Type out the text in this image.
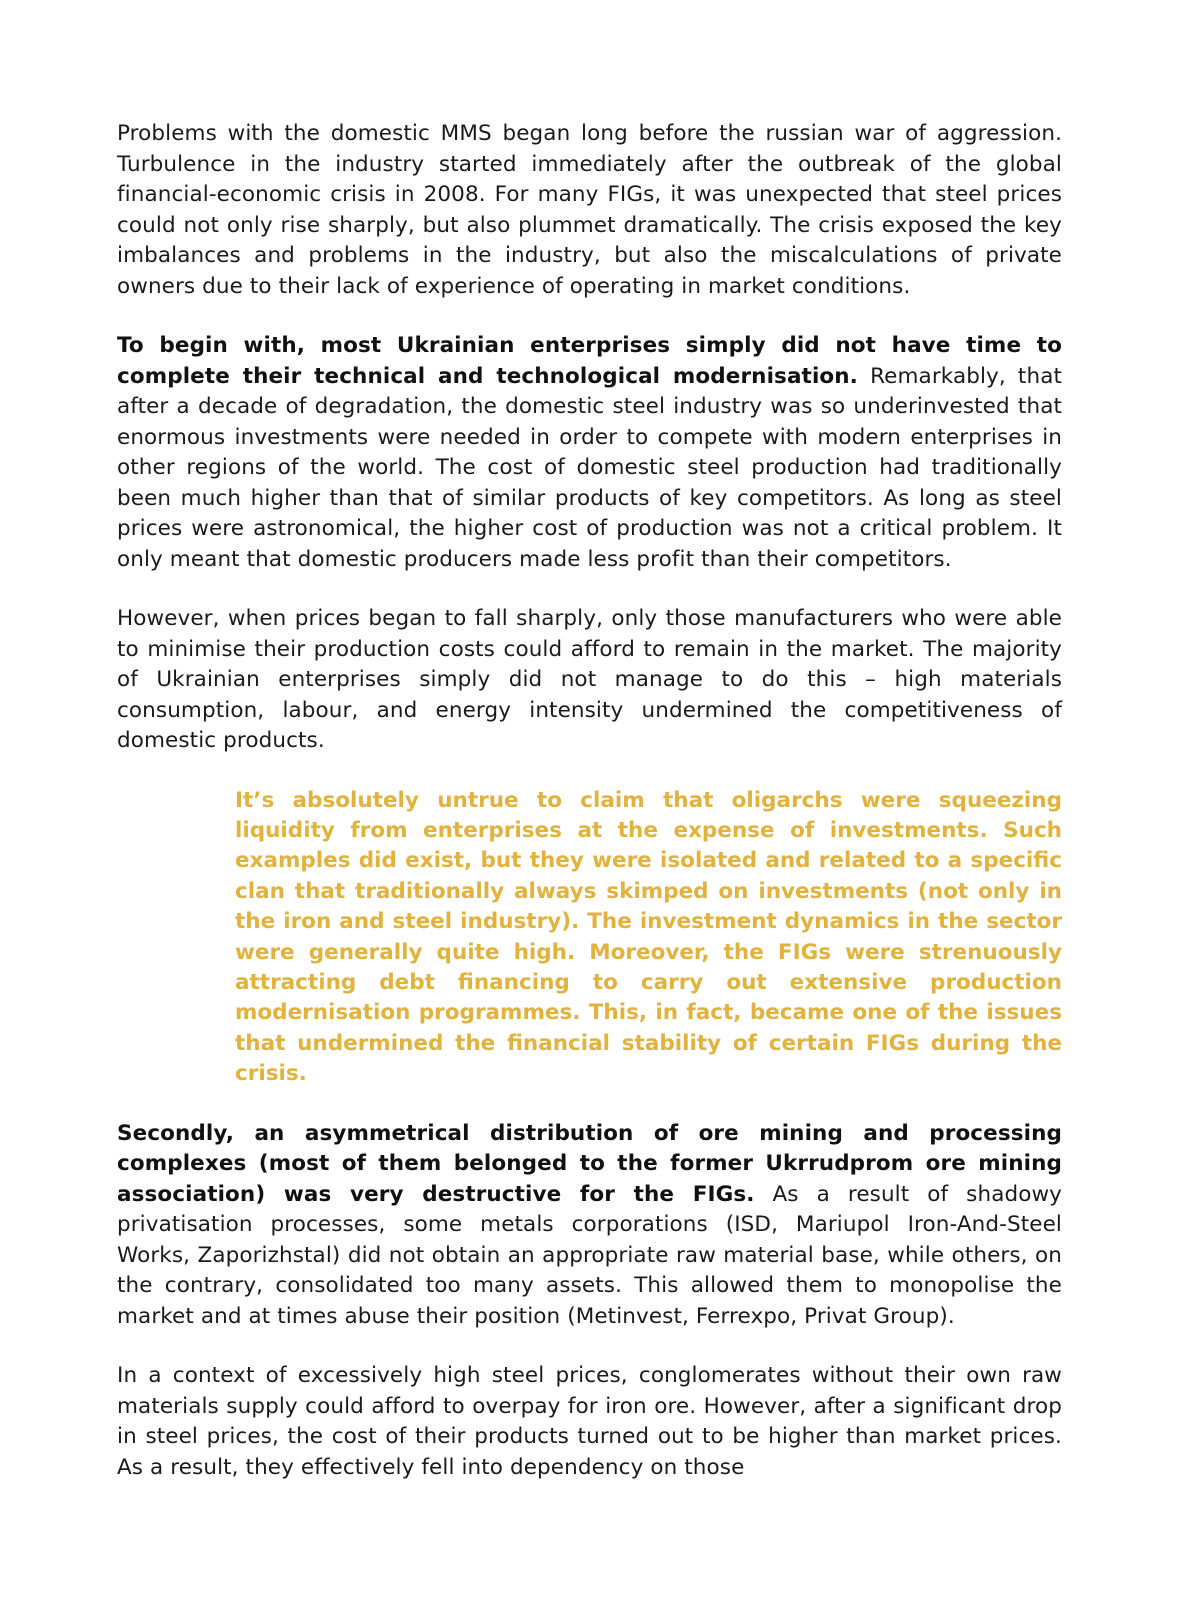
Problems with the domestic MMS began long before the russian war of aggression. Turbulence in the industry started immediately after the outbreak of the global financial-economic crisis in 2008. For many FIGs, it was unexpected that steel prices could not only rise sharply, but also plummet dramatically. The crisis exposed the key imbalances and problems in the industry, but also the miscalculations of private owners due to their lack of experience of operating in market conditions.

To begin with, most Ukrainian enterprises simply did not have time to complete their technical and technological modernisation. Remarkably, that after a decade of degradation, the domestic steel industry was so underinvested that enormous investments were needed in order to compete with modern enterprises in other regions of the world. The cost of domestic steel production had traditionally been much higher than that of similar products of key competitors. As long as steel prices were astronomical, the higher cost of production was not a critical problem. It only meant that domestic producers made less profit than their competitors.

However, when prices began to fall sharply, only those manufacturers who were able to minimise their production costs could afford to remain in the market. The majority of Ukrainian enterprises simply did not manage to do this – high materials consumption, labour, and energy intensity undermined the competitiveness of domestic products.

It’s absolutely untrue to claim that oligarchs were squeezing liquidity from enterprises at the expense of investments. Such examples did exist, but they were isolated and related to a specific clan that traditionally always skimped on investments (not only in the iron and steel industry). The investment dynamics in the sector were generally quite high. Moreover, the FIGs were strenuously attracting debt financing to carry out extensive production modernisation programmes. This, in fact, became one of the issues that undermined the financial stability of certain FIGs during the crisis.

Secondly, an asymmetrical distribution of ore mining and processing complexes (most of them belonged to the former Ukrrudprom ore mining association) was very destructive for the FIGs. As a result of shadowy privatisation processes, some metals corporations (ISD, Mariupol Iron-And-Steel Works, Zaporizhstal) did not obtain an appropriate raw material base, while others, on the contrary, consolidated too many assets. This allowed them to monopolise the market and at times abuse their position (Metinvest, Ferrexpo, Privat Group).

In a context of excessively high steel prices, conglomerates without their own raw materials supply could afford to overpay for iron ore. However, after a significant drop in steel prices, the cost of their products turned out to be higher than market prices. As a result, they effectively fell into dependency on those
